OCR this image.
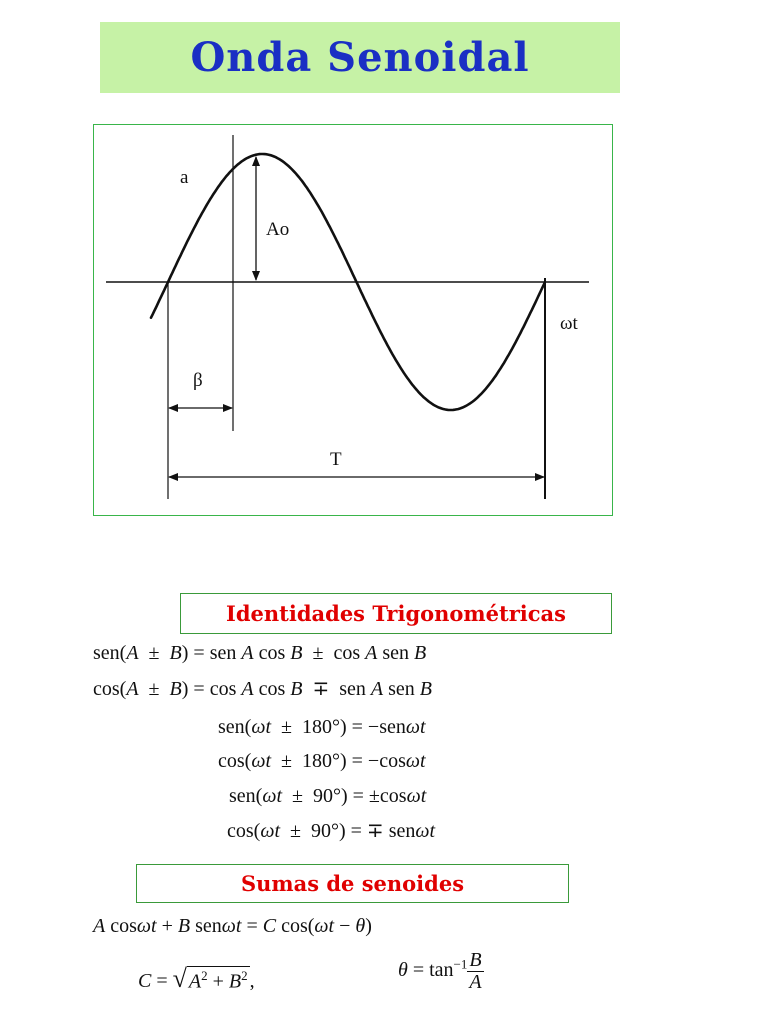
Onda Senoidal
a
Ao
ωt
β
T
Identidades Trigonométricas
sen(A  ±  B) = sen A cos B  ±  cos A sen B
cos(A  ±  B) = cos A cos B  ∓  sen A sen B
sen(ωt  ±  180°) = −senωt
cos(ωt  ±  180°) = −cosωt
sen(ωt  ±  90°) = ±cosωt
cos(ωt  ±  90°) = ∓ senωt
Sumas de senoides
A cosωt + B senωt = C cos(ωt − θ)
C = √ $A^2 + B^2$ ,	$\theta = \tan^{-1} \frac{B}{A}$
